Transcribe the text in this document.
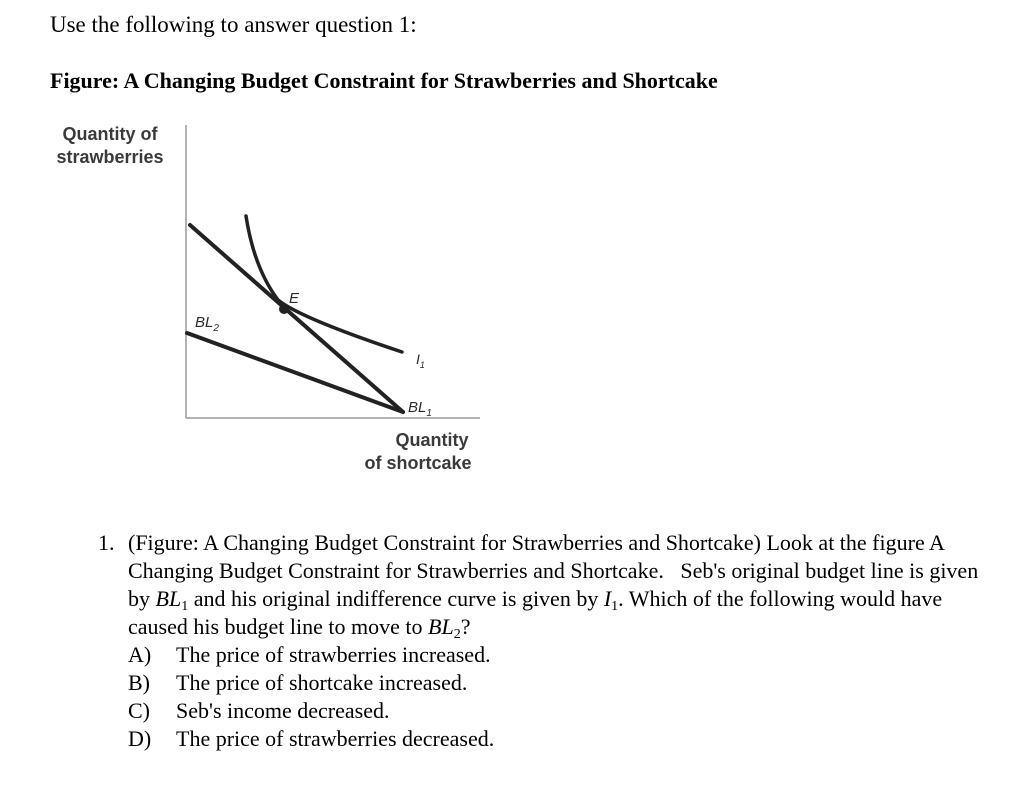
Use the following to answer question 1:
Figure: A Changing Budget Constraint for Strawberries and Shortcake
Quantity of
strawberries
Quantity
of shortcake
E
$BL_2$
$I_1$
$BL_1$
1. (Figure: A Changing Budget Constraint for Strawberries and Shortcake) Look at the figure A Changing Budget Constraint for Strawberries and Shortcake.   Seb's original budget line is given by $BL_1$ and his original indifference curve is given by $I_1$. Which of the following would have caused his budget line to move to $BL_2$?
A)	The price of strawberries increased.
B)	The price of shortcake increased.
C)	Seb's income decreased.
D)	The price of strawberries decreased.
